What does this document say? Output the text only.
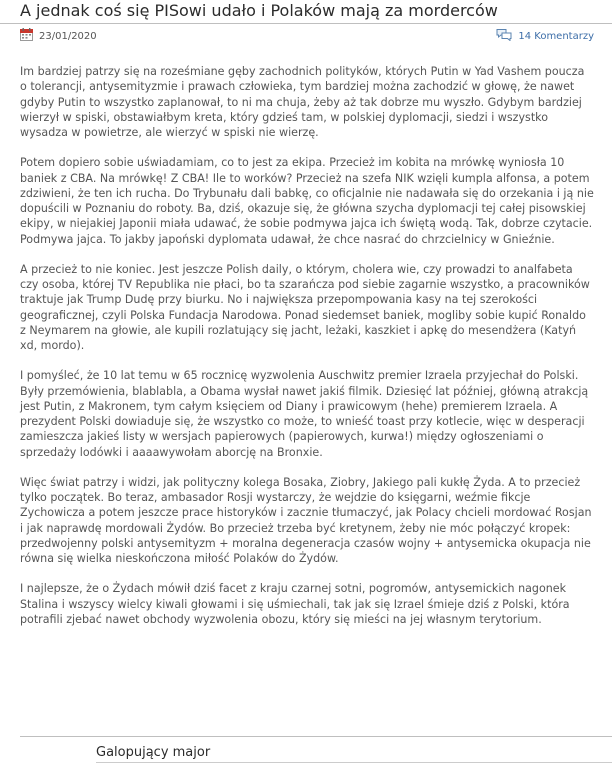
A jednak coś się PISowi udało i Polaków mają za morderców
23/01/2020	14 Komentarzy

Im bardziej patrzy się na roześmiane gęby zachodnich polityków, których Putin w Yad Vashem poucza o tolerancji, antysemityzmie i prawach człowieka, tym bardziej można zachodzić w głowę, że nawet gdyby Putin to wszystko zaplanował, to ni ma chuja, żeby aż tak dobrze mu wyszło. Gdybym bardziej wierzył w spiski, obstawiałbym kreta, który gdzieś tam, w polskiej dyplomacji, siedzi i wszystko wysadza w powietrze, ale wierzyć w spiski nie wierzę.

Potem dopiero sobie uświadamiam, co to jest za ekipa. Przecież im kobita na mrówkę wyniosła 10 baniek z CBA. Na mrówkę! Z CBA! Ile to worków? Przecież na szefa NIK wzięli kumpla alfonsa, a potem zdziwieni, że ten ich rucha. Do Trybunału dali babkę, co oficjalnie nie nadawała się do orzekania i ją nie dopuścili w Poznaniu do roboty. Ba, dziś, okazuje się, że główna szycha dyplomacji tej całej pisowskiej ekipy, w niejakiej Japonii miała udawać, że sobie podmywa jajca ich świętą wodą. Tak, dobrze czytacie. Podmywa jajca. To jakby japoński dyplomata udawał, że chce nasrać do chrzcielnicy w Gnieźnie.

A przecież to nie koniec. Jest jeszcze Polish daily, o którym, cholera wie, czy prowadzi to analfabeta czy osoba, której TV Republika nie płaci, bo ta szarańcza pod siebie zagarnie wszystko, a pracowników traktuje jak Trump Dudę przy biurku. No i największa przepompowania kasy na tej szerokości geograficznej, czyli Polska Fundacja Narodowa. Ponad siedemset baniek, mogliby sobie kupić Ronaldo z Neymarem na głowie, ale kupili rozlatujący się jacht, leżaki, kaszkiet i apkę do mesendżera (Katyń xd, mordo).

I pomyśleć, że 10 lat temu w 65 rocznicę wyzwolenia Auschwitz premier Izraela przyjechał do Polski. Były przemówienia, blablabla, a Obama wysłał nawet jakiś filmik. Dziesięć lat później, główną atrakcją jest Putin, z Makronem, tym całym księciem od Diany i prawicowym (hehe) premierem Izraela. A prezydent Polski dowiaduje się, że wszystko co może, to wnieść toast przy kotlecie, więc w desperacji zamieszcza jakieś listy w wersjach papierowych (papierowych, kurwa!) między ogłoszeniami o sprzedaży lodówki i aaaawywołam aborcję na Bronxie.

Więc świat patrzy i widzi, jak polityczny kolega Bosaka, Ziobry, Jakiego pali kukłę Żyda. A to przecież tylko początek. Bo teraz, ambasador Rosji wystarczy, że wejdzie do księgarni, weźmie fikcje Zychowicza a potem jeszcze prace historyków i zacznie tłumaczyć, jak Polacy chcieli mordować Rosjan i jak naprawdę mordowali Żydów. Bo przecież trzeba być kretynem, żeby nie móc połączyć kropek: przedwojenny polski antysemityzm + moralna degeneracja czasów wojny + antysemicka okupacja nie równa się wielka nieskończona miłość Polaków do Żydów.

I najlepsze, że o Żydach mówił dziś facet z kraju czarnej sotni, pogromów, antysemickich nagonek Stalina i wszyscy wielcy kiwali głowami i się uśmiechali, tak jak się Izrael śmieje dziś z Polski, która potrafili zjebać nawet obchody wyzwolenia obozu, który się mieści na jej własnym terytorium.

Galopujący major
